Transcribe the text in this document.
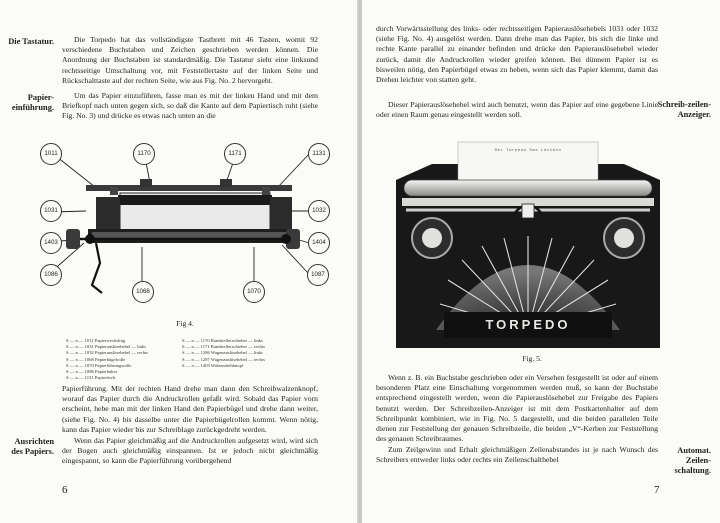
Die Tastatur.
Papier-einführung.
Ausrichten des Papiers.
Die Torpedo hat das vollständigste Tastbrett mit 46 Tasten, womit 92 verschiedene Buchstaben und Zeichen geschrieben werden können. Die Anordnung der Buchstaben ist standardmäßig. Die Tastatur sieht eine linksund rechtsseitige Umschaltung vor, mit Feststellertaste auf der linken Seite und Rückschalttaste auf der rechten Seite, wie aus Fig. No. 2 hervorgeht.
Um das Papier einzuführen, fasse man es mit der linken Hand und mit dem Briefkopf nach unten gegen sich, so daß die Kante auf dem Papiertisch ruht (siehe Fig. No. 3) und drücke es etwas nach unten an die
1011	1170	1171	1131
1031	1032
1403	1404
1086
1068	1070
1087
Fig 4.
S — n — 1011 Papierwechsling
S — n — 1031 Papierauslösehebel — links
S — n — 1032 Papierauslösehebel — rechts
S — n — 1068 Papierbügelrolle
S — n — 1070 Papierführungsrolle
S — n — 1086 Papierhalter
S — n — 1131 Papiertisch
S — n — 1170 Randstellerschieber — links
S — n — 1171 Randstellerschieber — rechts
S — n — 1286 Wagenauslösehebel — links
S — n — 1287 Wagenauslösehebel — rechts
S — n — 1403 Walzendrehknopf
Papierführung. Mit der rechten Hand drehe man dann den Schreibwalzenknopf, worauf das Papier durch die Andruckrollen gefaßt wird. Sobald das Papier vorn erscheint, hebe man mit der linken Hand den Papierbügel und drehe dann weiter, (siehe Fig. No. 4) bis dasselbe unter die Papierbügelrollen kommt. Wenn nötig, kann das Papier wieder bis zur Schreiblage zurückgedreht werden.
Wenn das Papier gleichmäßig auf die Andruckrollen aufgesetzt wird, wird sich der Bogen auch gleichmäßig einspannen. Ist er jedoch nicht gleichmäßig eingespannt, so kann die Papierführung vorübergehend
6
durch Vorwärtsstellung des links- oder rechtsseitigen Papierauslösehebels 1031 oder 1032 (siehe Fig. No. 4) ausgelöst werden. Dann drehe man das Papier, bis sich die linke und rechte Kante parallel zu einander befinden und drücke den Papierauslösehebel wieder zurück, damit die Andruckrollen wieder greifen können. Bei dünnem Papier ist es bisweilen nötig, den Papierbügel etwas zu heben, wenn sich das Papier klemmt, damit das Drehen leichter von statten geht.
Dieser Papierauslösehebel wird auch benutzt, wenn das Papier auf eine gegebene Linie oder einen Raum genau eingestellt werden soll.
Schreib-zeilen-Anzeiger.
Der Torpedo Das Lexikon
TORPEDO
Fig. 5.
Wenn z. B. ein Buchstabe geschrieben oder ein Versehen festgestellt ist oder auf einem besonderen Platz eine Einschaltung vorgenommen werden muß, so kann der Buchstabe entsprechend eingestellt werden, wenn die Papierauslösehebel zur Freigabe des Papiers benutzt werden. Der Schreibzeilen-Anzeiger ist mit dem Postkartenhalter auf dem Schreibpunkt kombiniert, wie in Fig. No. 5 dargestellt, und die beiden parallelen Teile dienen zur Feststellung der genauen Schreibzeile, die beiden „V“-Kerben zur Feststellung des genauen Schreibraumes.
Zum Zeilgewinn und Erhalt gleichmäßigen Zeilenabstandes ist je nach Wunsch des Schreibers entweder links oder rechts ein Zeilenschalthebel
Automat. Zeilen-schaltung.
7
